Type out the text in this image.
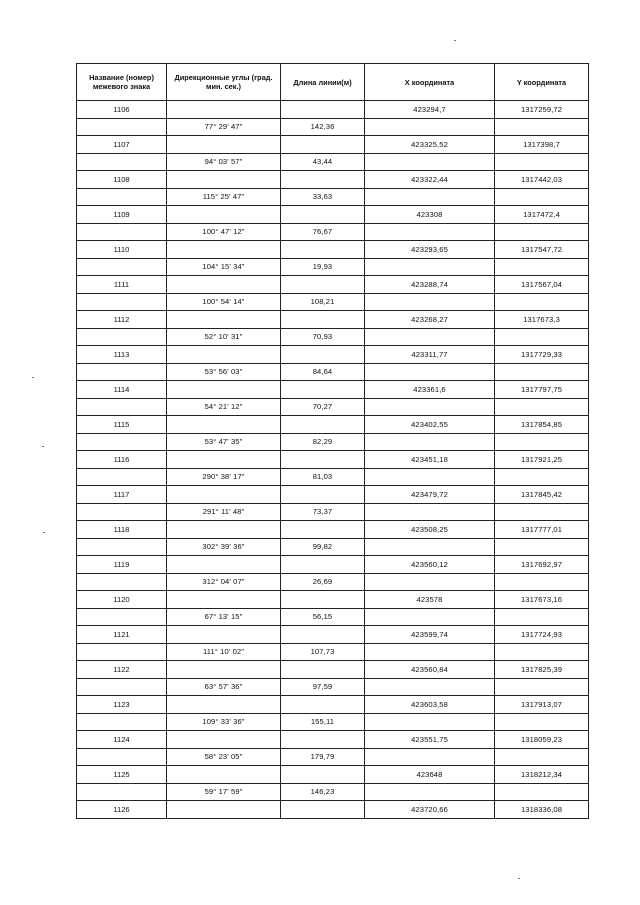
Название (номер) межевого знака	Дирекционные углы (град. мин. сек.)	Длина линии(м)	X координата	Y координата
1106			423294,7	1317259,72
	77° 29' 47"	142,36		
1107			423325,52	1317398,7
	94° 03' 57"	43,44		
1108			423322,44	1317442,03
	115° 25' 47"	33,63		
1109			423308	1317472,4
	100° 47' 12"	76,67		
1110			423293,65	1317547,72
	104° 15' 34"	19,93		
1111			423288,74	1317567,04
	100° 54' 14"	108,21		
1112			423268,27	1317673,3
	52° 10' 31"	70,93		
1113			423311,77	1317729,33
	53° 56' 03"	84,64		
1114			423361,6	1317797,75
	54° 21' 12"	70,27		
1115			423402,55	1317854,85
	53° 47' 35"	82,29		
1116			423451,18	1317921,25
	290° 38' 17"	81,03		
1117			423479,72	1317845,42
	291° 11' 48"	73,37		
1118			423508,25	1317777,01
	302° 39' 36"	99,82		
1119			423560,12	1317692,97
	312° 04' 07"	26,69		
1120			423578	1317673,16
	67° 13' 15"	56,15		
1121			423599,74	1317724,93
	111° 10' 02"	107,73		
1122			423560,84	1317825,39
	63° 57' 36"	97,59		
1123			423603,58	1317913,07
	109° 33' 36"	155,11		
1124			423551,75	1318059,23
	58° 23' 05"	179,79		
1125			423648	1318212,34
	59° 17' 59"	146,23		
1126			423720,66	1318336,08
